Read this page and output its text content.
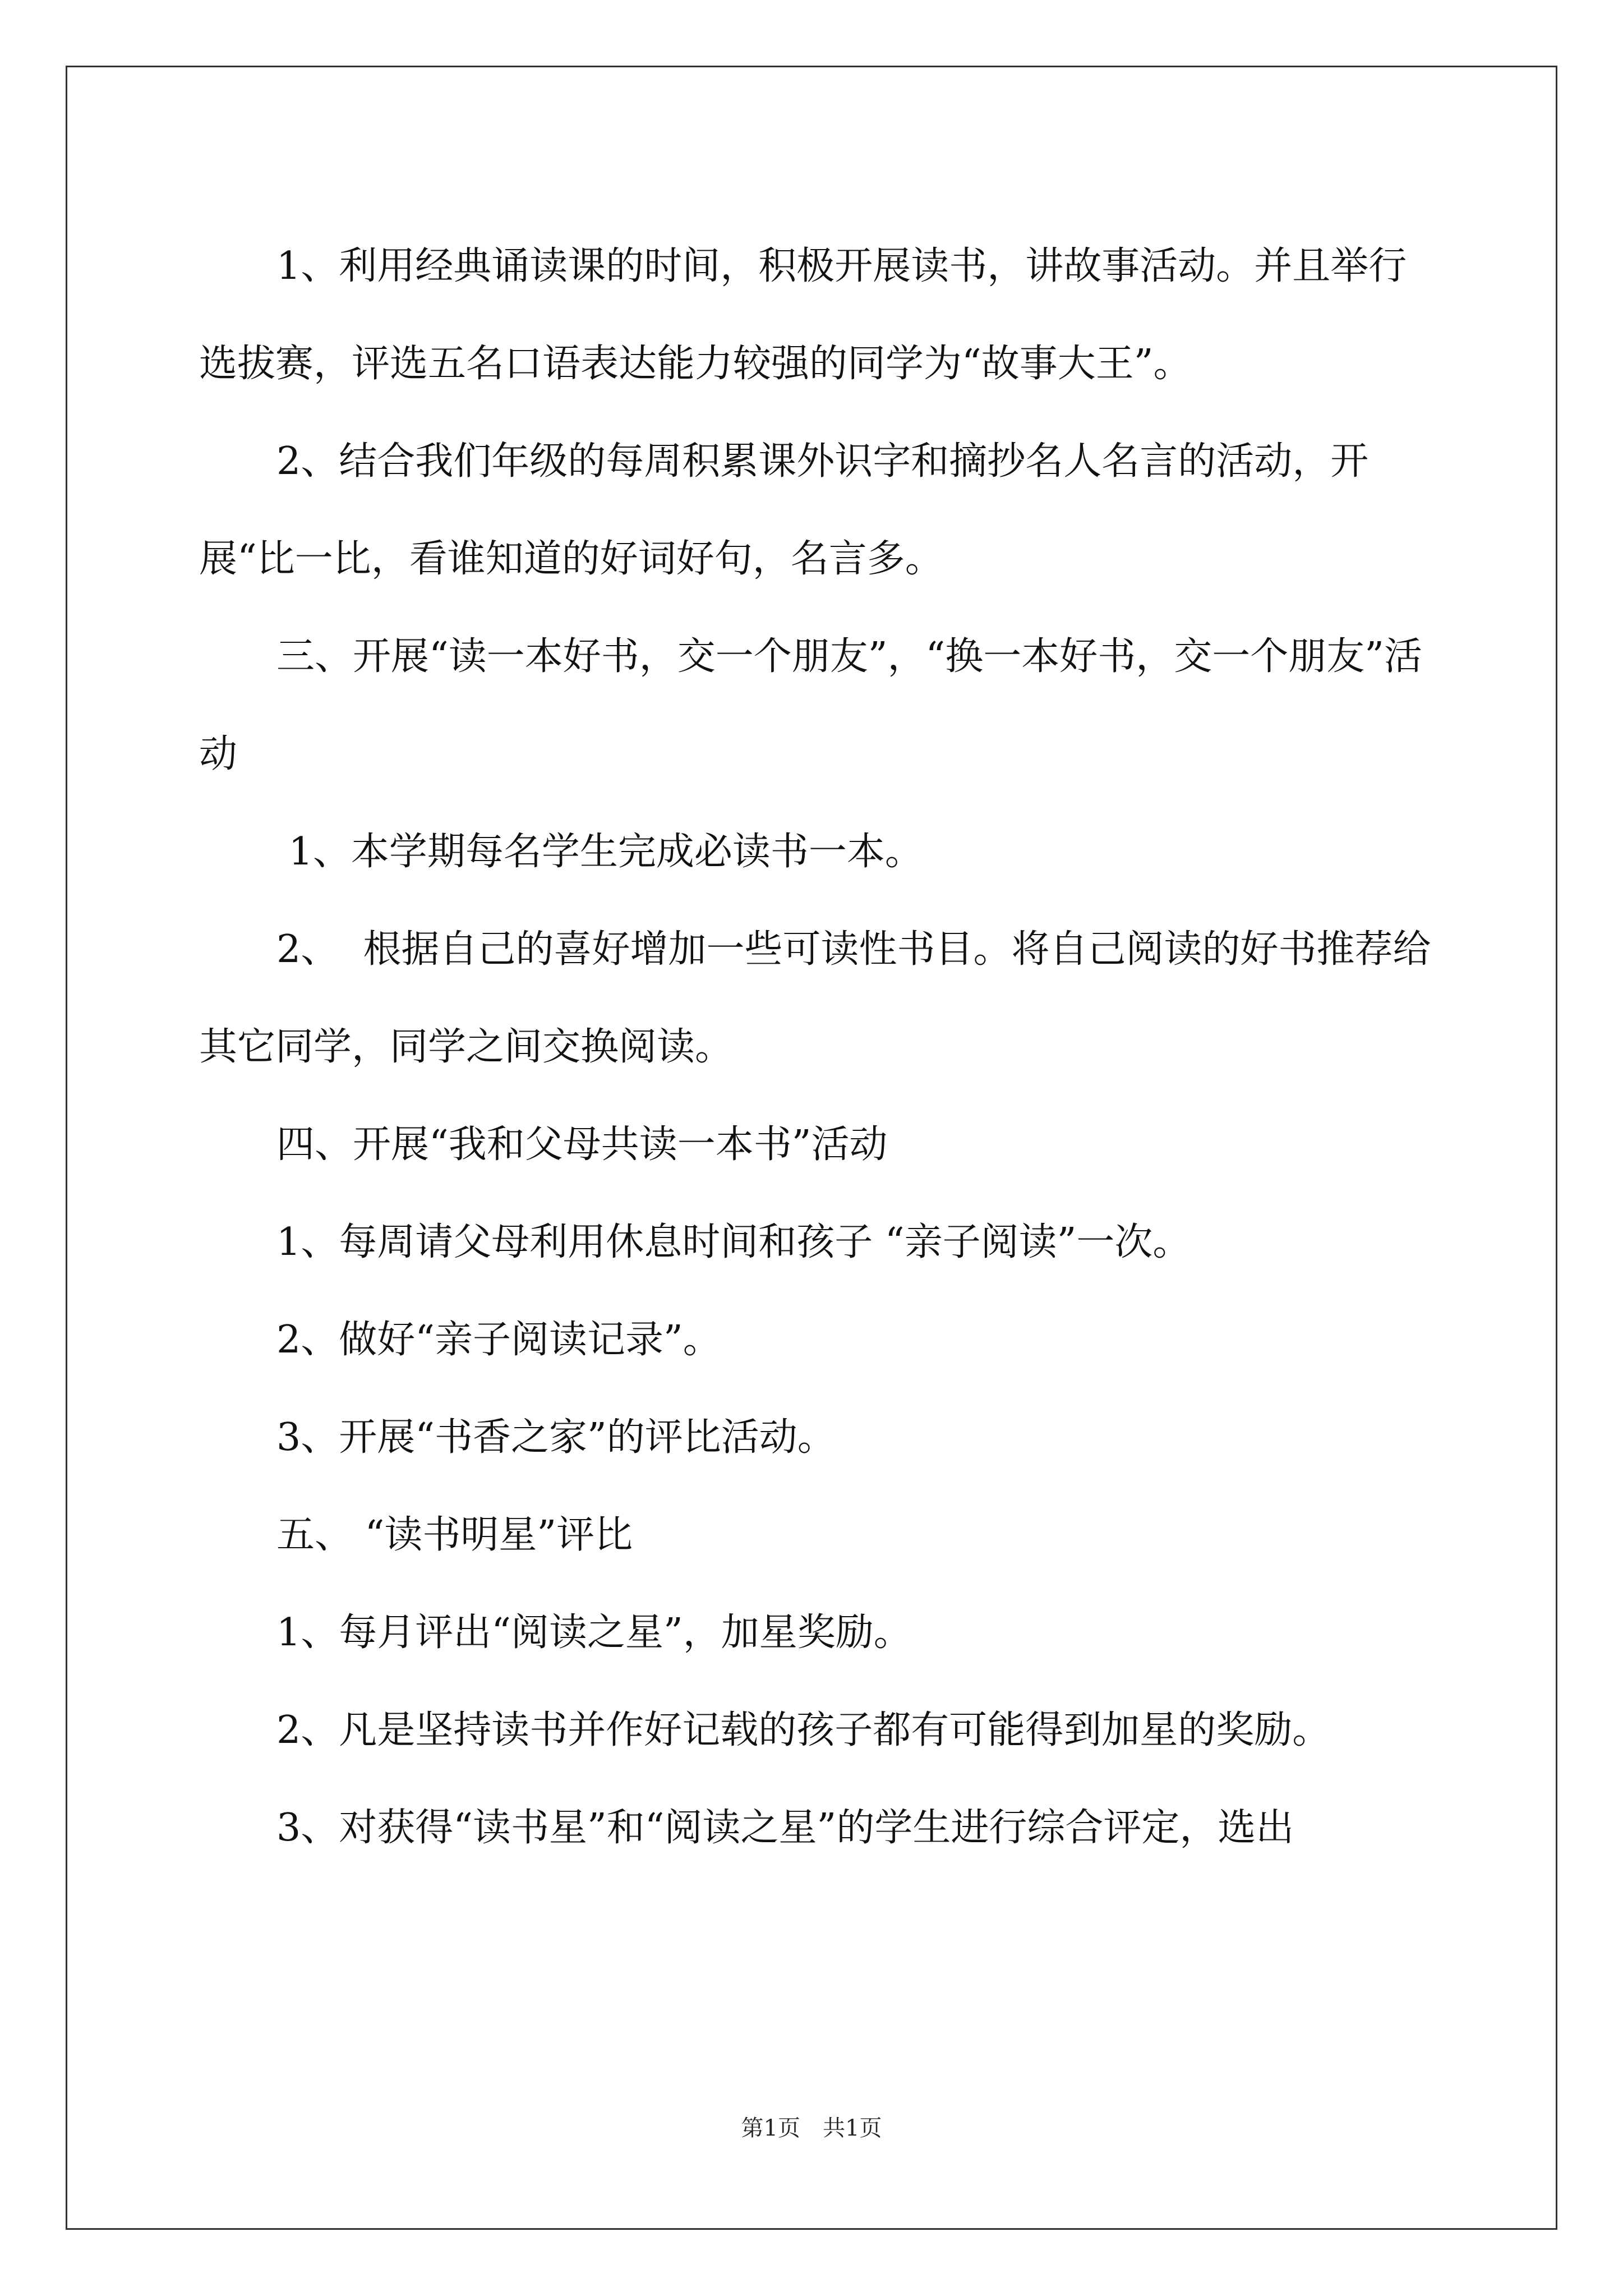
1、利用经典诵读课的时间，积极开展读书，讲故事活动。并且举行选拔赛，评选五名口语表达能力较强的同学为“故事大王”。

2、结合我们年级的每周积累课外识字和摘抄名人名言的活动，开展“比一比，看谁知道的好词好句，名言多。

三、开展“读一本好书，交一个朋友”，“换一本好书，交一个朋友”活动

1、本学期每名学生完成必读书一本。

2、  根据自己的喜好增加一些可读性书目。将自己阅读的好书推荐给其它同学，同学之间交换阅读。

四、开展“我和父母共读一本书”活动

1、每周请父母利用休息时间和孩子 “亲子阅读”一次。

2、做好“亲子阅读记录”。

3、开展“书香之家”的评比活动。

五、 “读书明星”评比

1、每月评出“阅读之星”，加星奖励。

2、凡是坚持读书并作好记载的孩子都有可能得到加星的奖励。

3、对获得“读书星”和“阅读之星”的学生进行综合评定，选出

第1页 共1页
